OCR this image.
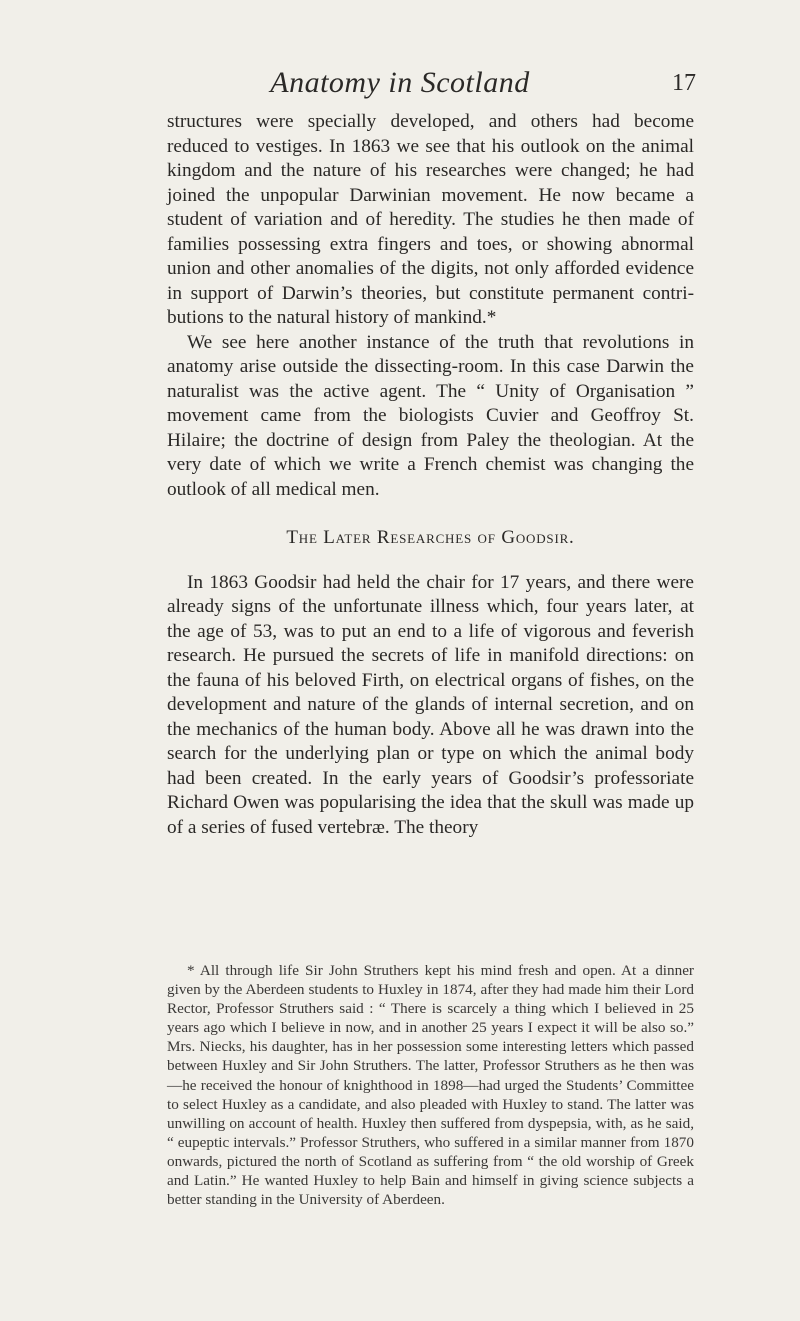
Anatomy in Scotland	17

structures were specially developed, and others had become reduced to vestiges. In 1863 we see that his outlook on the animal kingdom and the nature of his researches were changed; he had joined the unpopular Darwinian movement. He now became a student of variation and of heredity. The studies he then made of families possessing extra fingers and toes, or showing abnormal union and other anomalies of the digits, not only afforded evidence in support of Darwin’s theories, but constitute permanent contri-butions to the natural history of mankind.*

We see here another instance of the truth that revolutions in anatomy arise outside the dissecting-room. In this case Darwin the naturalist was the active agent. The “ Unity of Organisation ” movement came from the biologists Cuvier and Geoffroy St. Hilaire; the doctrine of design from Paley the theologian. At the very date of which we write a French chemist was changing the outlook of all medical men.

The Later Researches of Goodsir.

In 1863 Goodsir had held the chair for 17 years, and there were already signs of the unfortunate illness which, four years later, at the age of 53, was to put an end to a life of vigorous and feverish research. He pursued the secrets of life in manifold directions: on the fauna of his beloved Firth, on electrical organs of fishes, on the development and nature of the glands of internal secretion, and on the mechanics of the human body. Above all he was drawn into the search for the underlying plan or type on which the animal body had been created. In the early years of Goodsir’s professoriate Richard Owen was popularising the idea that the skull was made up of a series of fused vertebræ. The theory

* All through life Sir John Struthers kept his mind fresh and open. At a dinner given by the Aberdeen students to Huxley in 1874, after they had made him their Lord Rector, Professor Struthers said : “ There is scarcely a thing which I believed in 25 years ago which I believe in now, and in another 25 years I expect it will be also so.” Mrs. Niecks, his daughter, has in her possession some interesting letters which passed between Huxley and Sir John Struthers. The latter, Professor Struthers as he then was—he received the honour of knighthood in 1898—had urged the Students’ Committee to select Huxley as a candidate, and also pleaded with Huxley to stand. The latter was unwilling on account of health. Huxley then suffered from dyspepsia, with, as he said, “ eupeptic intervals.” Professor Struthers, who suffered in a similar manner from 1870 onwards, pictured the north of Scotland as suffering from “ the old worship of Greek and Latin.” He wanted Huxley to help Bain and himself in giving science subjects a better standing in the University of Aberdeen.
